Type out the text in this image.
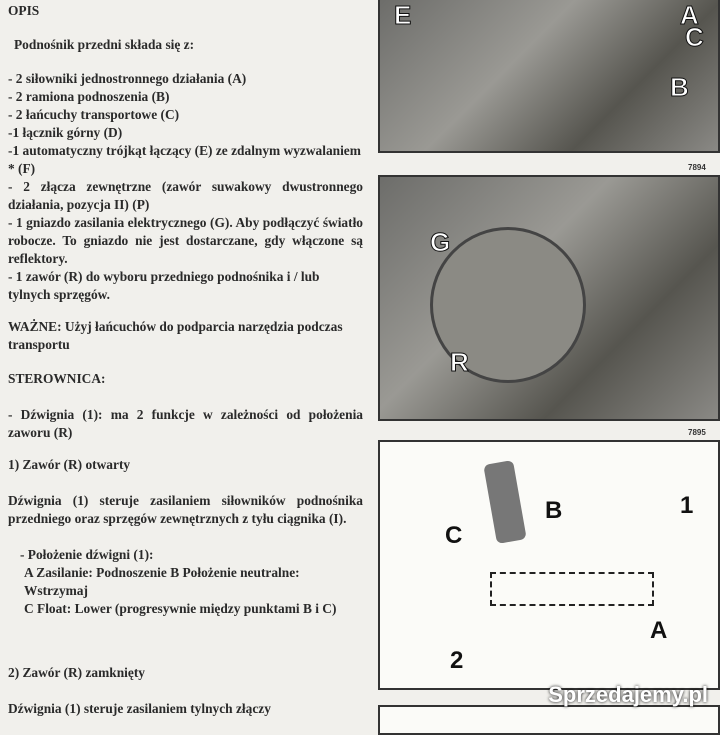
OPIS
Podnośnik przedni składa się z:
- 2 siłowniki jednostronnego działania (A)
- 2 ramiona podnoszenia (B)
- 2 łańcuchy transportowe (C)
-1 łącznik górny (D)
-1 automatyczny trójkąt łączący (E) ze zdalnym wyzwalaniem * (F)
- 2 złącza zewnętrzne (zawór suwakowy dwustronnego działania, pozycja II) (P)
- 1 gniazdo zasilania elektrycznego (G). Aby podłączyć światło robocze. To gniazdo nie jest dostarczane, gdy włączone są reflektory.
- 1 zawór (R) do wyboru przedniego podnośnika i / lub tylnych sprzęgów.
WAŻNE: Użyj łańcuchów do podparcia narzędzia podczas transportu
STEROWNICA:
- Dźwignia (1): ma 2 funkcje w zależności od położenia zaworu (R)
1) Zawór (R) otwarty
Dźwignia (1) steruje zasilaniem siłowników podnośnika przedniego oraz sprzęgów zewnętrznych z tyłu ciągnika (I).
- Położenie dźwigni (1):
A Zasilanie: Podnoszenie B Położenie neutralne: Wstrzymaj
C Float: Lower (progresywnie między punktami B i C)
2) Zawór (R) zamknięty
Dźwignia (1) steruje zasilaniem tylnych złączy
E	A
C
B
7894
G
R
7895
1
B
C
A
2
Sprzedajemy.pl
